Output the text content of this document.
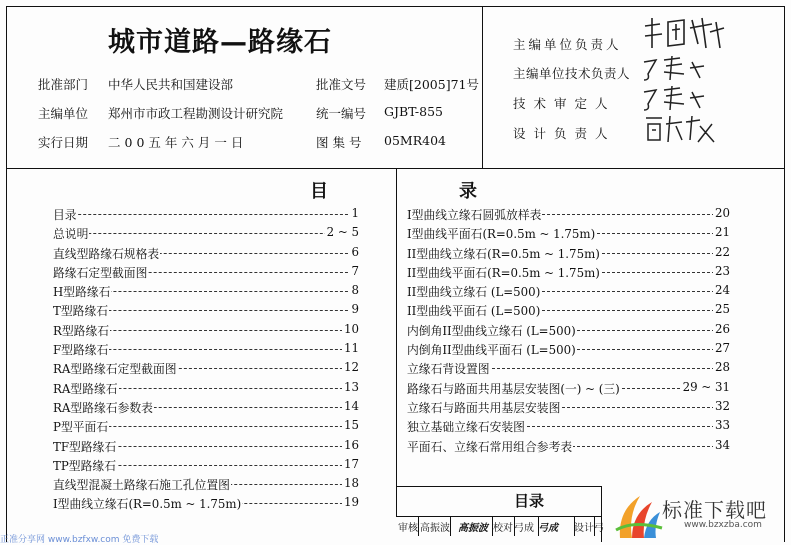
城市道路—路缘石
批准部门 中华人民共和国建设部	批准文号 建质[2005]71号
主编单位 郑州市市政工程勘测设计研究院	统一编号 GJBT-855
实行日期 二00五年六月一日	图 集 号 05MR404
主编单位负责人
主编单位技术负责人
技术审定人
设计负责人
目	录
目录	1
总说明	2 ~ 5
直线型路缘石规格表	6
路缘石定型截面图	7
H型路缘石	8
T型路缘石	9
R型路缘石	10
F型路缘石	11
RA型路缘石定型截面图	12
RA型路缘石	13
RA型路缘石参数表	14
P型平面石	15
TF型路缘石	16
TP型路缘石	17
直线型混凝土路缘石施工孔位置图	18
I型曲线立缘石(R=0.5m ~ 1.75m)	19
I型曲线立缘石圆弧放样表	20
I型曲线平面石(R=0.5m ~ 1.75m)	21
II型曲线立缘石(R=0.5m ~ 1.75m)	22
II型曲线平面石(R=0.5m ~ 1.75m)	23
II型曲线立缘石 (L=500)	24
II型曲线平面石 (L=500)	25
内倒角II型曲线立缘石 (L=500)	26
内倒角II型曲线平面石 (L=500)	27
立缘石背设置图	28
路缘石与路面共用基层安装图(一) ~ (三)	29 ~ 31
立缘石与路面共用基层安装图	32
独立基础立缘石安装图	33
平面石、立缘石常用组合参考表	34
目录
审核 高振波 高振波 校对 弓成 弓成 设计 弓
标准下载吧
www.bzxzba.com
正准分享网 www.bzfxw.com 免费下载
